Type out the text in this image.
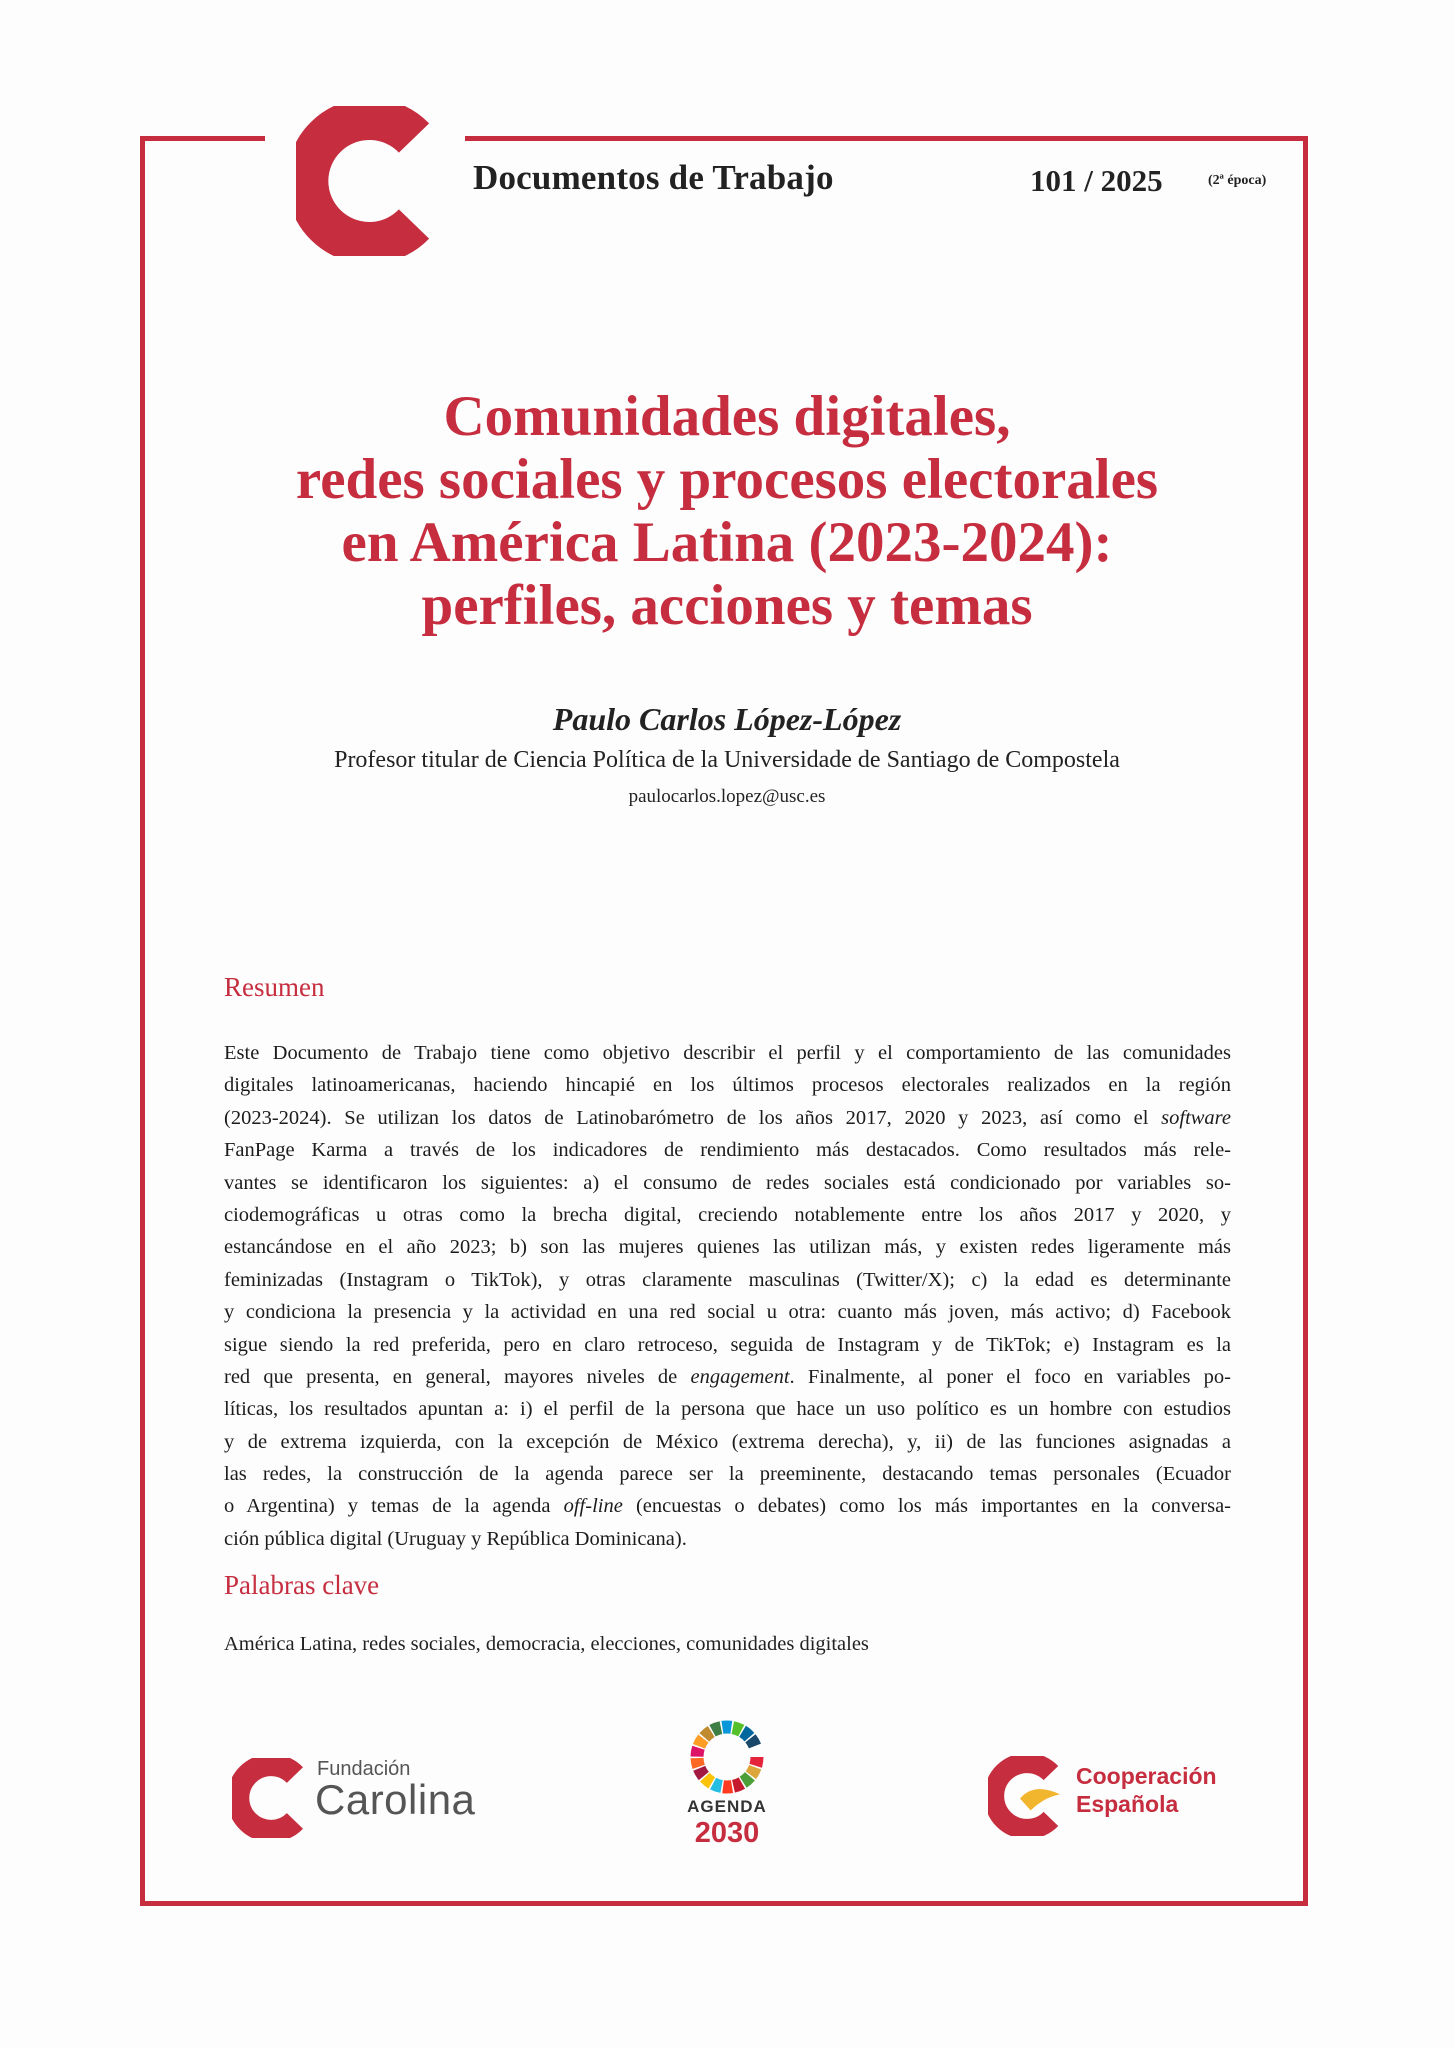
Documentos de Trabajo	101 / 2025	(2ª época)
Comunidades digitales,
redes sociales y procesos electorales
en América Latina (2023-2024):
perfiles, acciones y temas
Paulo Carlos López-López
Profesor titular de Ciencia Política de la Universidade de Santiago de Compostela
paulocarlos.lopez@usc.es
Resumen
Este Documento de Trabajo tiene como objetivo describir el perfil y el comportamiento de las comunidades
digitales latinoamericanas, haciendo hincapié en los últimos procesos electorales realizados en la región
(2023-2024). Se utilizan los datos de Latinobarómetro de los años 2017, 2020 y 2023, así como el software
FanPage Karma a través de los indicadores de rendimiento más destacados. Como resultados más rele-
vantes se identificaron los siguientes: a) el consumo de redes sociales está condicionado por variables so-
ciodemográficas u otras como la brecha digital, creciendo notablemente entre los años 2017 y 2020, y
estancándose en el año 2023; b) son las mujeres quienes las utilizan más, y existen redes ligeramente más
feminizadas (Instagram o TikTok), y otras claramente masculinas (Twitter/X); c) la edad es determinante
y condiciona la presencia y la actividad en una red social u otra: cuanto más joven, más activo; d) Facebook
sigue siendo la red preferida, pero en claro retroceso, seguida de Instagram y de TikTok; e) Instagram es la
red que presenta, en general, mayores niveles de engagement. Finalmente, al poner el foco en variables po-
líticas, los resultados apuntan a: i) el perfil de la persona que hace un uso político es un hombre con estudios
y de extrema izquierda, con la excepción de México (extrema derecha), y, ii) de las funciones asignadas a
las redes, la construcción de la agenda parece ser la preeminente, destacando temas personales (Ecuador
o Argentina) y temas de la agenda off-line (encuestas o debates) como los más importantes en la conversa-
ción pública digital (Uruguay y República Dominicana).
Palabras clave
América Latina, redes sociales, democracia, elecciones, comunidades digitales
Fundación
Carolina	AGENDA
2030
Cooperación
Española
